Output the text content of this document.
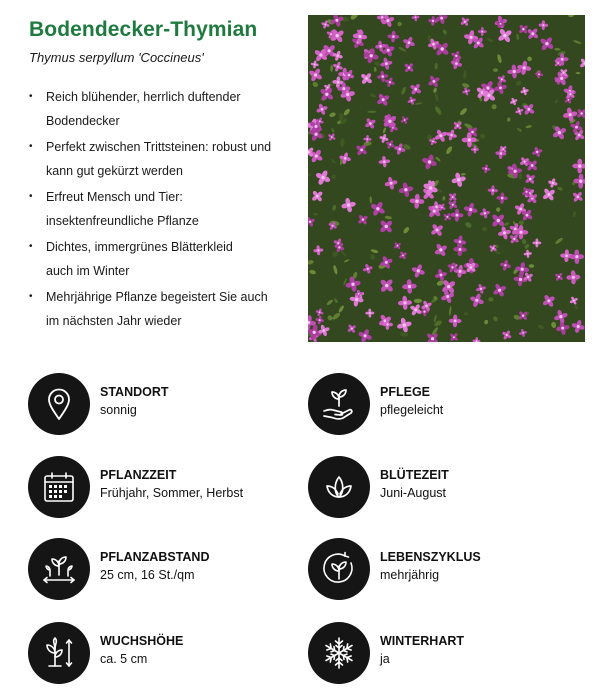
Bodendecker-Thymian

Thymus serpyllum 'Coccineus'

• Reich blühender, herrlich duftender
Bodendecker
• Perfekt zwischen Trittsteinen: robust und
kann gut gekürzt werden
• Erfreut Mensch und Tier:
insektenfreundliche Pflanze
• Dichtes, immergrünes Blätterkleid
auch im Winter
• Mehrjährige Pflanze begeistert Sie auch
im nächsten Jahr wieder
STANDORT
sonnig
PFLEGE
pflegeleicht
PFLANZZEIT
Frühjahr, Sommer, Herbst
BLÜTEZEIT
Juni-August
PFLANZABSTAND
25 cm, 16 St./qm
LEBENSZYKLUS
mehrjährig
WUCHSHÖHE
ca. 5 cm
WINTERHART
ja
